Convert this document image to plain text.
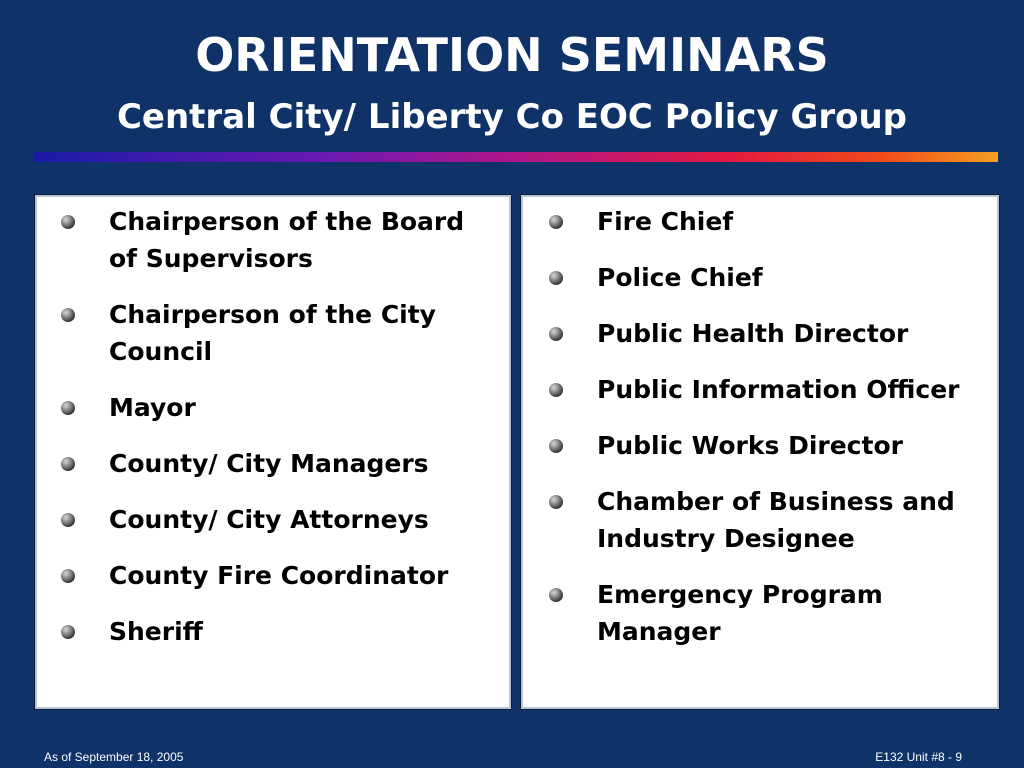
ORIENTATION SEMINARS
Central City/ Liberty Co EOC Policy Group
Chairperson of the Board of Supervisors
Chairperson of the City Council
Mayor
County/ City Managers
County/ City Attorneys
County Fire Coordinator
Sheriff
Fire Chief
Police Chief
Public Health Director
Public Information Officer
Public Works Director
Chamber of Business and Industry Designee
Emergency Program Manager
As of September 18, 2005	E132 Unit #8 - 9
